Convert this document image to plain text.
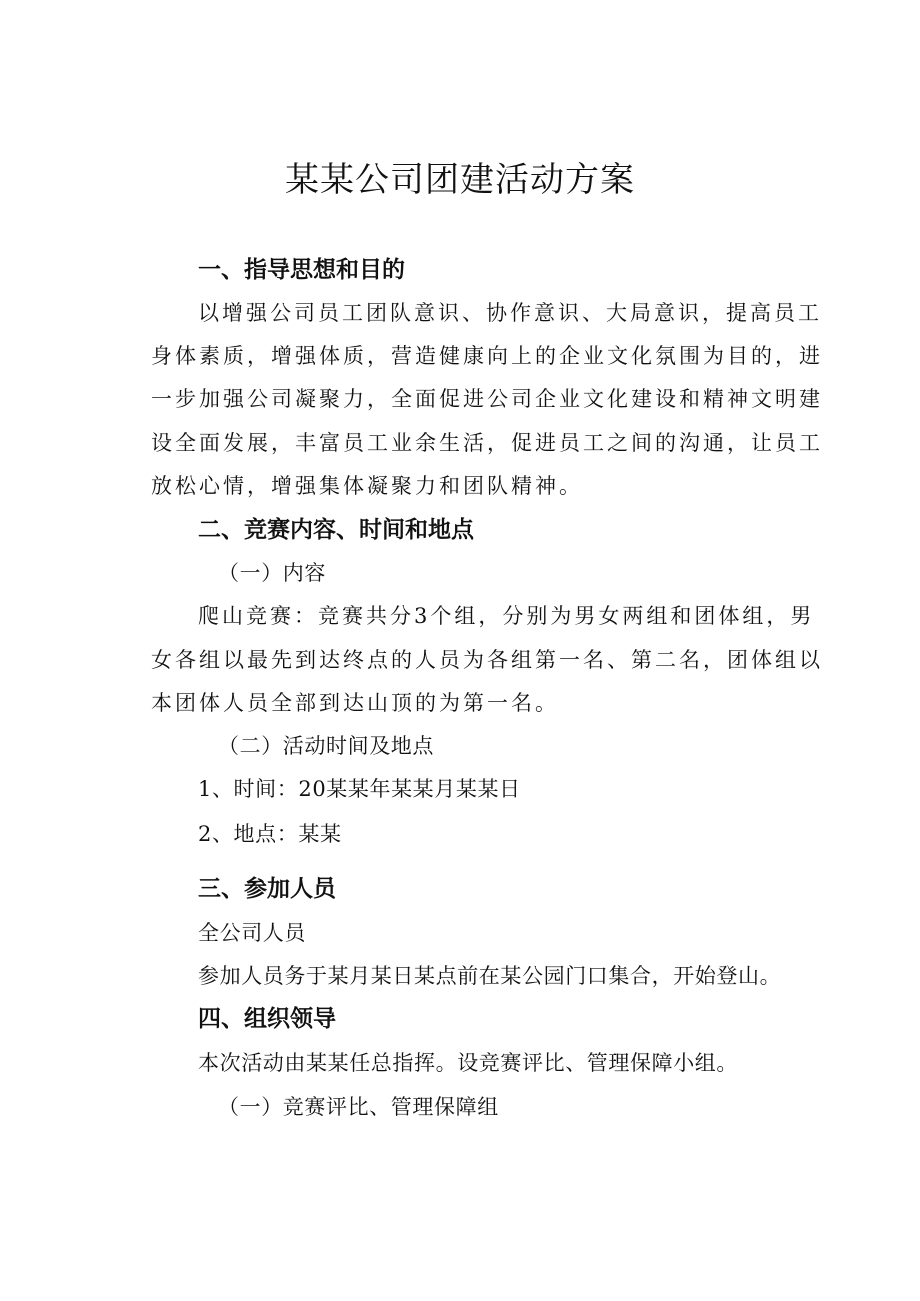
某某公司团建活动方案
一、指导思想和目的

以增强公司员工团队意识、协作意识、大局意识，提高员工

身体素质，增强体质，营造健康向上的企业文化氛围为目的，进

一步加强公司凝聚力，全面促进公司企业文化建设和精神文明建

设全面发展，丰富员工业余生活，促进员工之间的沟通，让员工

放松心情，增强集体凝聚力和团队精神。

二、竞赛内容、时间和地点

（一）内容

爬山竞赛：竞赛共分3个组，分别为男女两组和团体组，男

女各组以最先到达终点的人员为各组第一名、第二名，团体组以

本团体人员全部到达山顶的为第一名。

（二）活动时间及地点

1、时间：20某某年某某月某某日

2、地点：某某

三、参加人员

全公司人员

参加人员务于某月某日某点前在某公园门口集合，开始登山。

四、组织领导

本次活动由某某任总指挥。设竞赛评比、管理保障小组。

（一）竞赛评比、管理保障组
